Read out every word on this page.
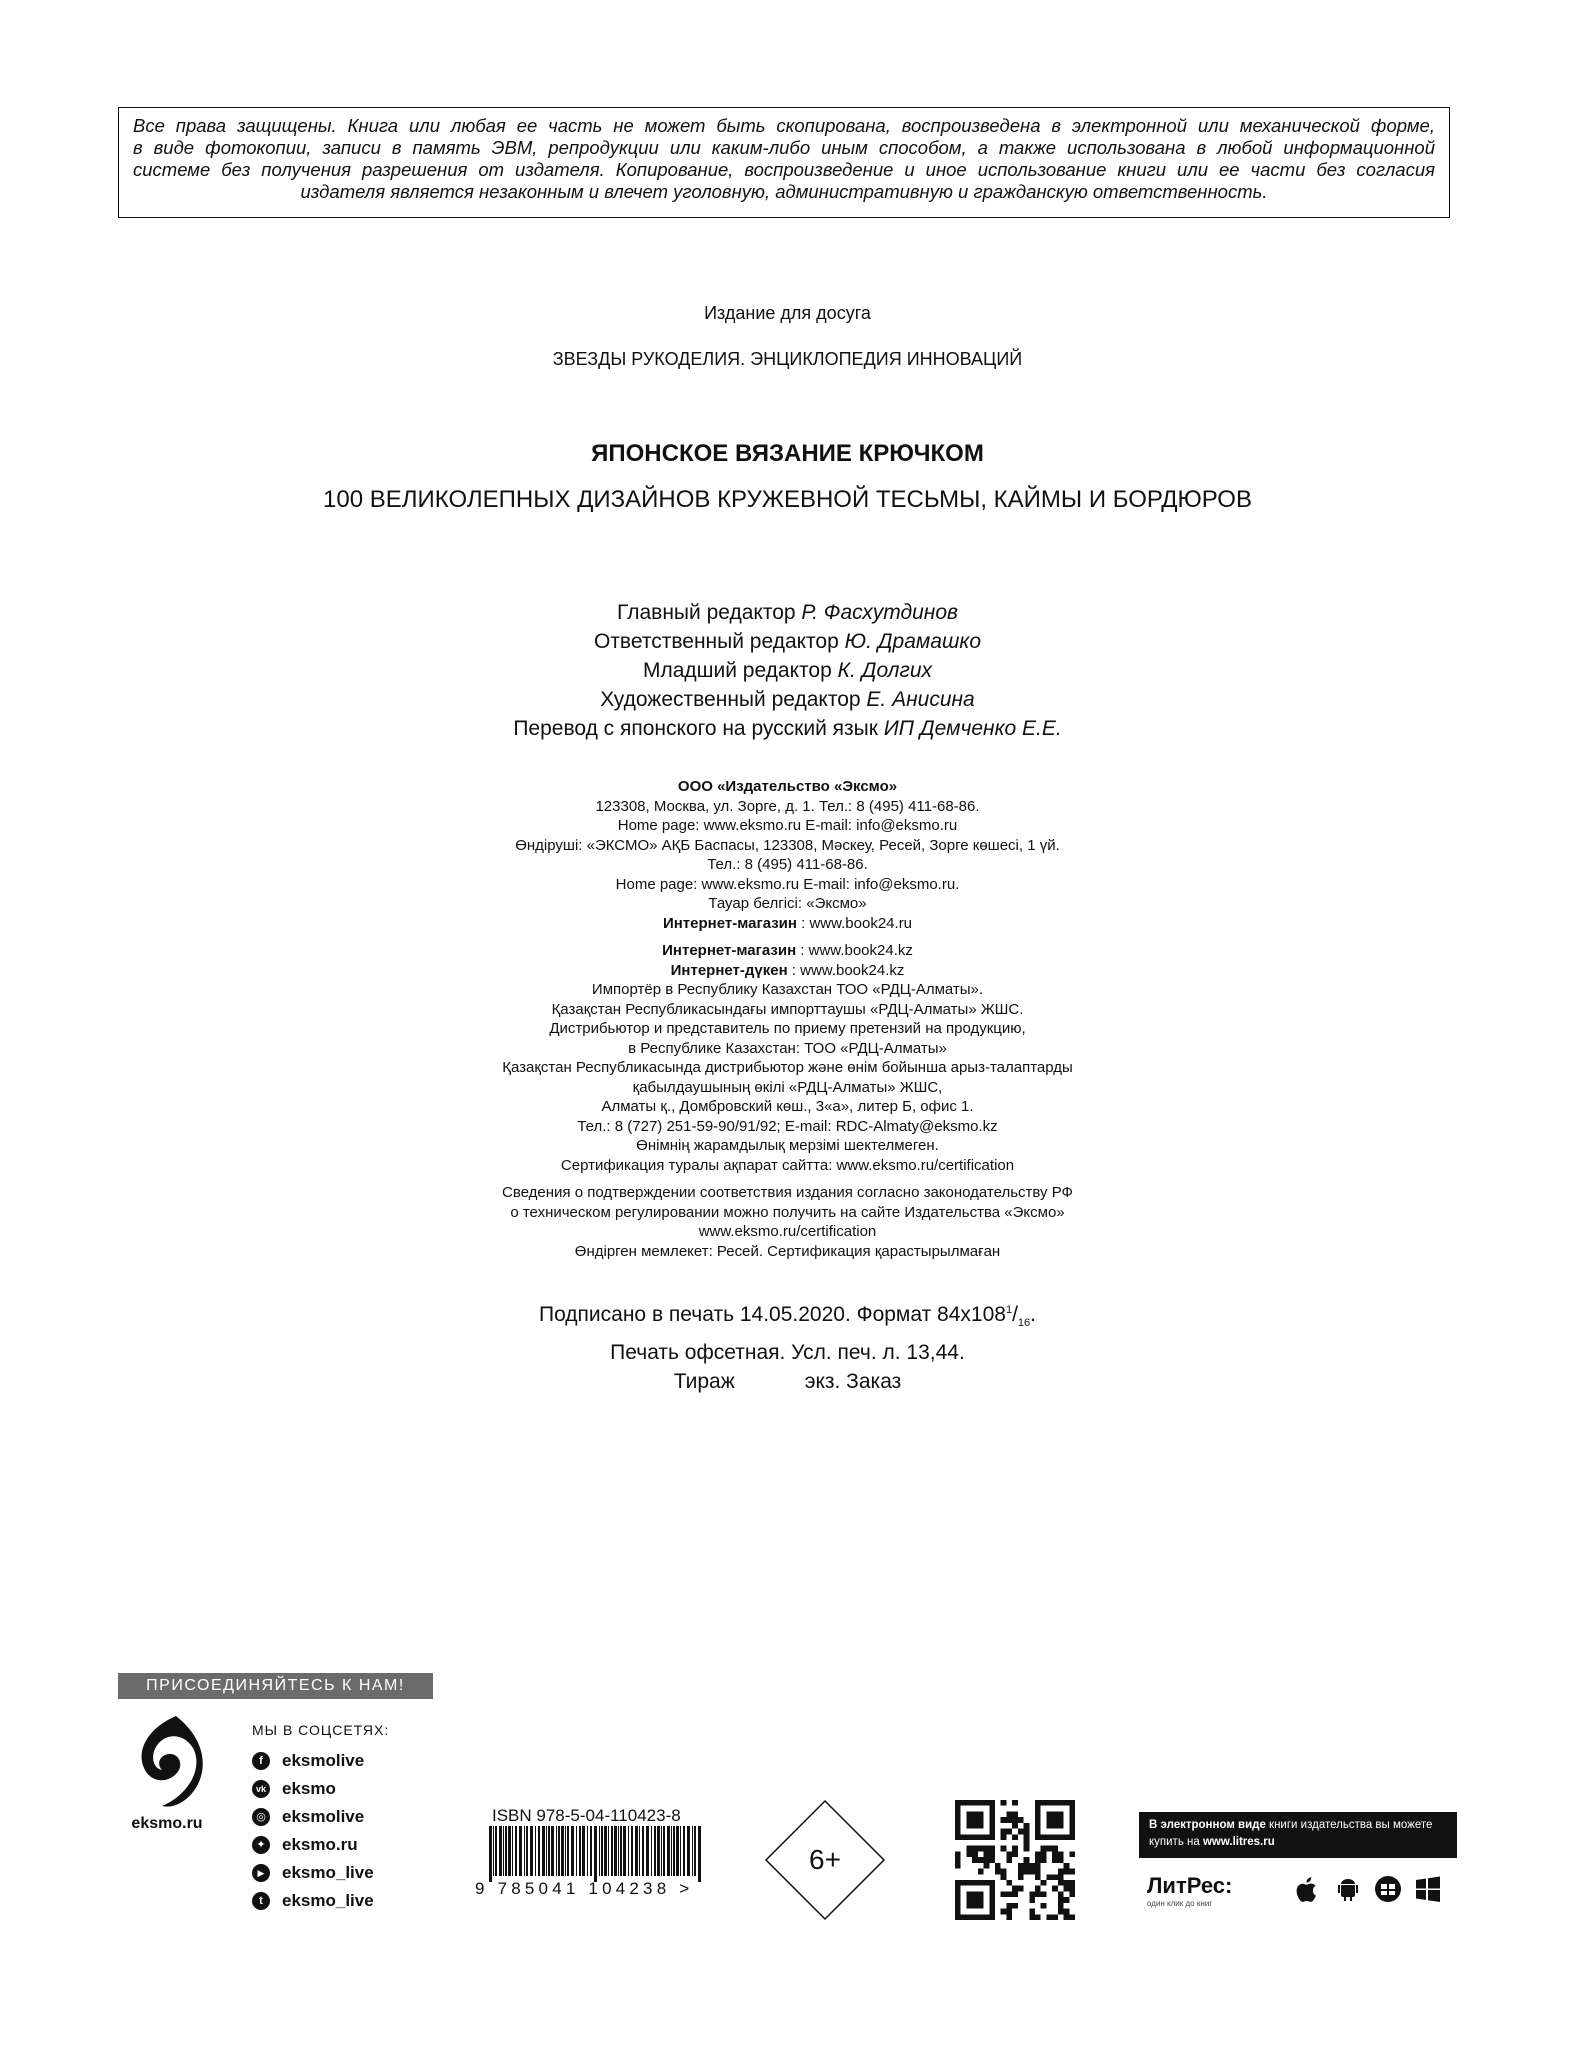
Все права защищены. Книга или любая ее часть не может быть скопирована, воспроизведена в электронной или механической форме,
в виде фотокопии, записи в память ЭВМ, репродукции или каким-либо иным способом, а также использована в любой информационной
системе без получения разрешения от издателя. Копирование, воспроизведение и иное использование книги или ее части без согласия
издателя является незаконным и влечет уголовную, административную и гражданскую ответственность.
Издание для досуга
ЗВЕЗДЫ РУКОДЕЛИЯ. ЭНЦИКЛОПЕДИЯ ИННОВАЦИЙ
ЯПОНСКОЕ ВЯЗАНИЕ КРЮЧКОМ
100 ВЕЛИКОЛЕПНЫХ ДИЗАЙНОВ КРУЖЕВНОЙ ТЕСЬМЫ, КАЙМЫ И БОРДЮРОВ
Главный редактор Р. Фасхутдинов
Ответственный редактор Ю. Драмашко
Младший редактор К. Долгих
Художественный редактор Е. Анисина
Перевод с японского на русский язык ИП Демченко Е.Е.
ООО «Издательство «Эксмо»
123308, Москва, ул. Зорге, д. 1. Тел.: 8 (495) 411-68-86.
Home page: www.eksmo.ru E-mail: info@eksmo.ru
Өндіруші: «ЭКСМО» АҚБ Баспасы, 123308, Мәскеу, Ресей, Зорге көшесі, 1 үй.
Тел.: 8 (495) 411-68-86.
Home page: www.eksmo.ru E-mail: info@eksmo.ru.
Тауар белгісі: «Эксмо»
Интернет-магазин : www.book24.ru
Интернет-магазин : www.book24.kz
Интернет-дүкен : www.book24.kz
Импортёр в Республику Казахстан ТОО «РДЦ-Алматы».
Қазақстан Республикасындағы импорттаушы «РДЦ-Алматы» ЖШС.
Дистрибьютор и представитель по приему претензий на продукцию,
в Республике Казахстан: ТОО «РДЦ-Алматы»
Қазақстан Республикасында дистрибьютор және өнім бойынша арыз-талаптарды
қабылдаушының өкілі «РДЦ-Алматы» ЖШС,
Алматы қ., Домбровский көш., 3«а», литер Б, офис 1.
Тел.: 8 (727) 251-59-90/91/92; E-mail: RDC-Almaty@eksmo.kz
Өнімнің жарамдылық мерзімі шектелмеген.
Сертификация туралы ақпарат сайтта: www.eksmo.ru/certification
Сведения о подтверждении соответствия издания согласно законодательству РФ
о техническом регулировании можно получить на сайте Издательства «Эксмо»
www.eksmo.ru/certification
Өндірген мемлекет: Ресей. Сертификация қарастырылмаған
Подписано в печать 14.05.2020. Формат $84x108^1/_{16}$.
Печать офсетная. Усл. печ. л. 13,44.
Тираж	экз. Заказ
ПРИСОЕДИНЯЙТЕСЬ К НАМ!
eksmo.ru
МЫ В СОЦСЕТЯХ:
f	eksmolive
vk eksmo
◎ eksmolive
✦ eksmo.ru
▶	eksmo_live
t	eksmo_live
ISBN 978-5-04-110423-8
9 785041 104238 >
6+
В электронном виде книги издательства вы можете
купить на www.litres.ru
ЛитРес:
один клик до книг
